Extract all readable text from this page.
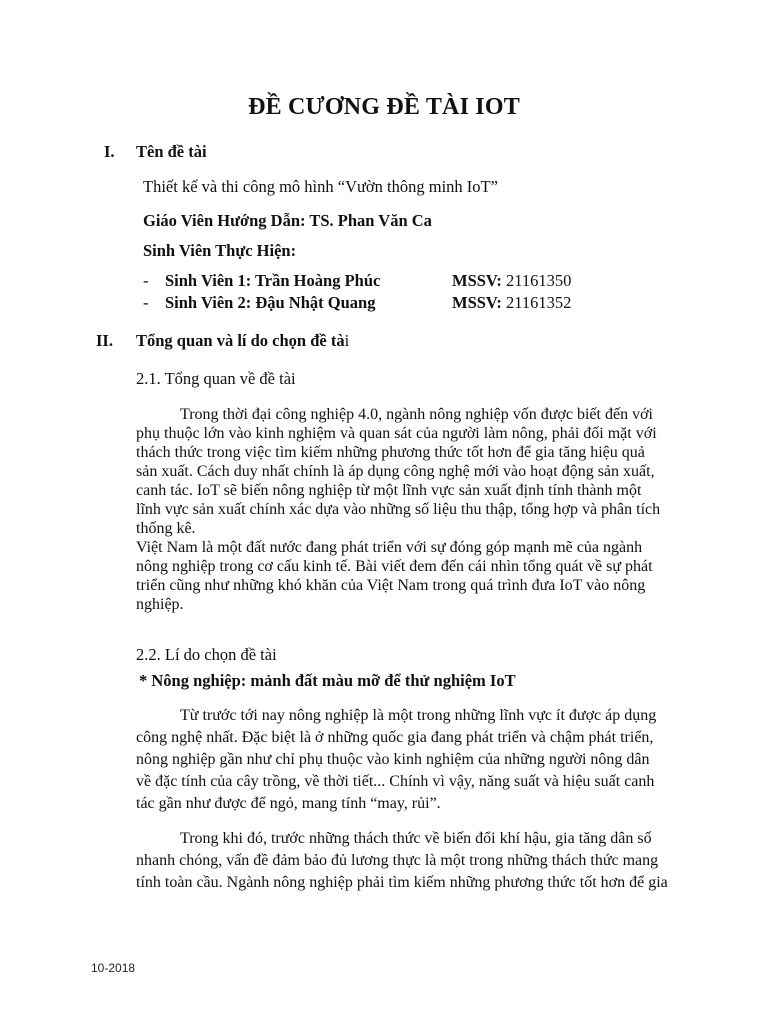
ĐỀ CƯƠNG ĐỀ TÀI IOT
I. Tên đề tài
Thiết kế và thi công mô hình “Vườn thông minh IoT”
Giáo Viên Hướng Dẫn: TS. Phan Văn Ca
Sinh Viên Thực Hiện:
- Sinh Viên 1: Trần Hoàng Phúc	MSSV: 21161350
- Sinh Viên 2: Đậu Nhật Quang	MSSV: 21161352
II. Tổng quan và lí do chọn đề tài
2.1. Tổng quan về đề tài
Trong thời đại công nghiệp 4.0, ngành nông nghiệp vốn được biết đến với
phụ thuộc lớn vào kinh nghiệm và quan sát của người làm nông, phải đối mặt với
thách thức trong việc tìm kiếm những phương thức tốt hơn để gia tăng hiệu quả
sản xuất. Cách duy nhất chính là áp dụng công nghệ mới vào hoạt động sản xuất,
canh tác. IoT sẽ biến nông nghiệp từ một lĩnh vực sản xuất định tính thành một
lĩnh vực sản xuất chính xác dựa vào những số liệu thu thập, tổng hợp và phân tích
thống kê.
Việt Nam là một đất nước đang phát triển với sự đóng góp mạnh mẽ của ngành
nông nghiệp trong cơ cấu kinh tế. Bài viết đem đến cái nhìn tổng quát về sự phát
triển cũng như những khó khăn của Việt Nam trong quá trình đưa IoT vào nông
nghiệp.
2.2. Lí do chọn đề tài
* Nông nghiệp: mảnh đất màu mỡ để thử nghiệm IoT
Từ trước tới nay nông nghiệp là một trong những lĩnh vực ít được áp dụng
công nghệ nhất. Đặc biệt là ở những quốc gia đang phát triển và chậm phát triển,
nông nghiệp gần như chỉ phụ thuộc vào kinh nghiệm của những người nông dân
về đặc tính của cây trồng, về thời tiết... Chính vì vậy, năng suất và hiệu suất canh
tác gần như được để ngỏ, mang tính “may, rủi”.
Trong khi đó, trước những thách thức về biến đổi khí hậu, gia tăng dân số
nhanh chóng, vấn đề đảm bảo đủ lương thực là một trong những thách thức mang
tính toàn cầu. Ngành nông nghiệp phải tìm kiếm những phương thức tốt hơn để gia
10-2018
